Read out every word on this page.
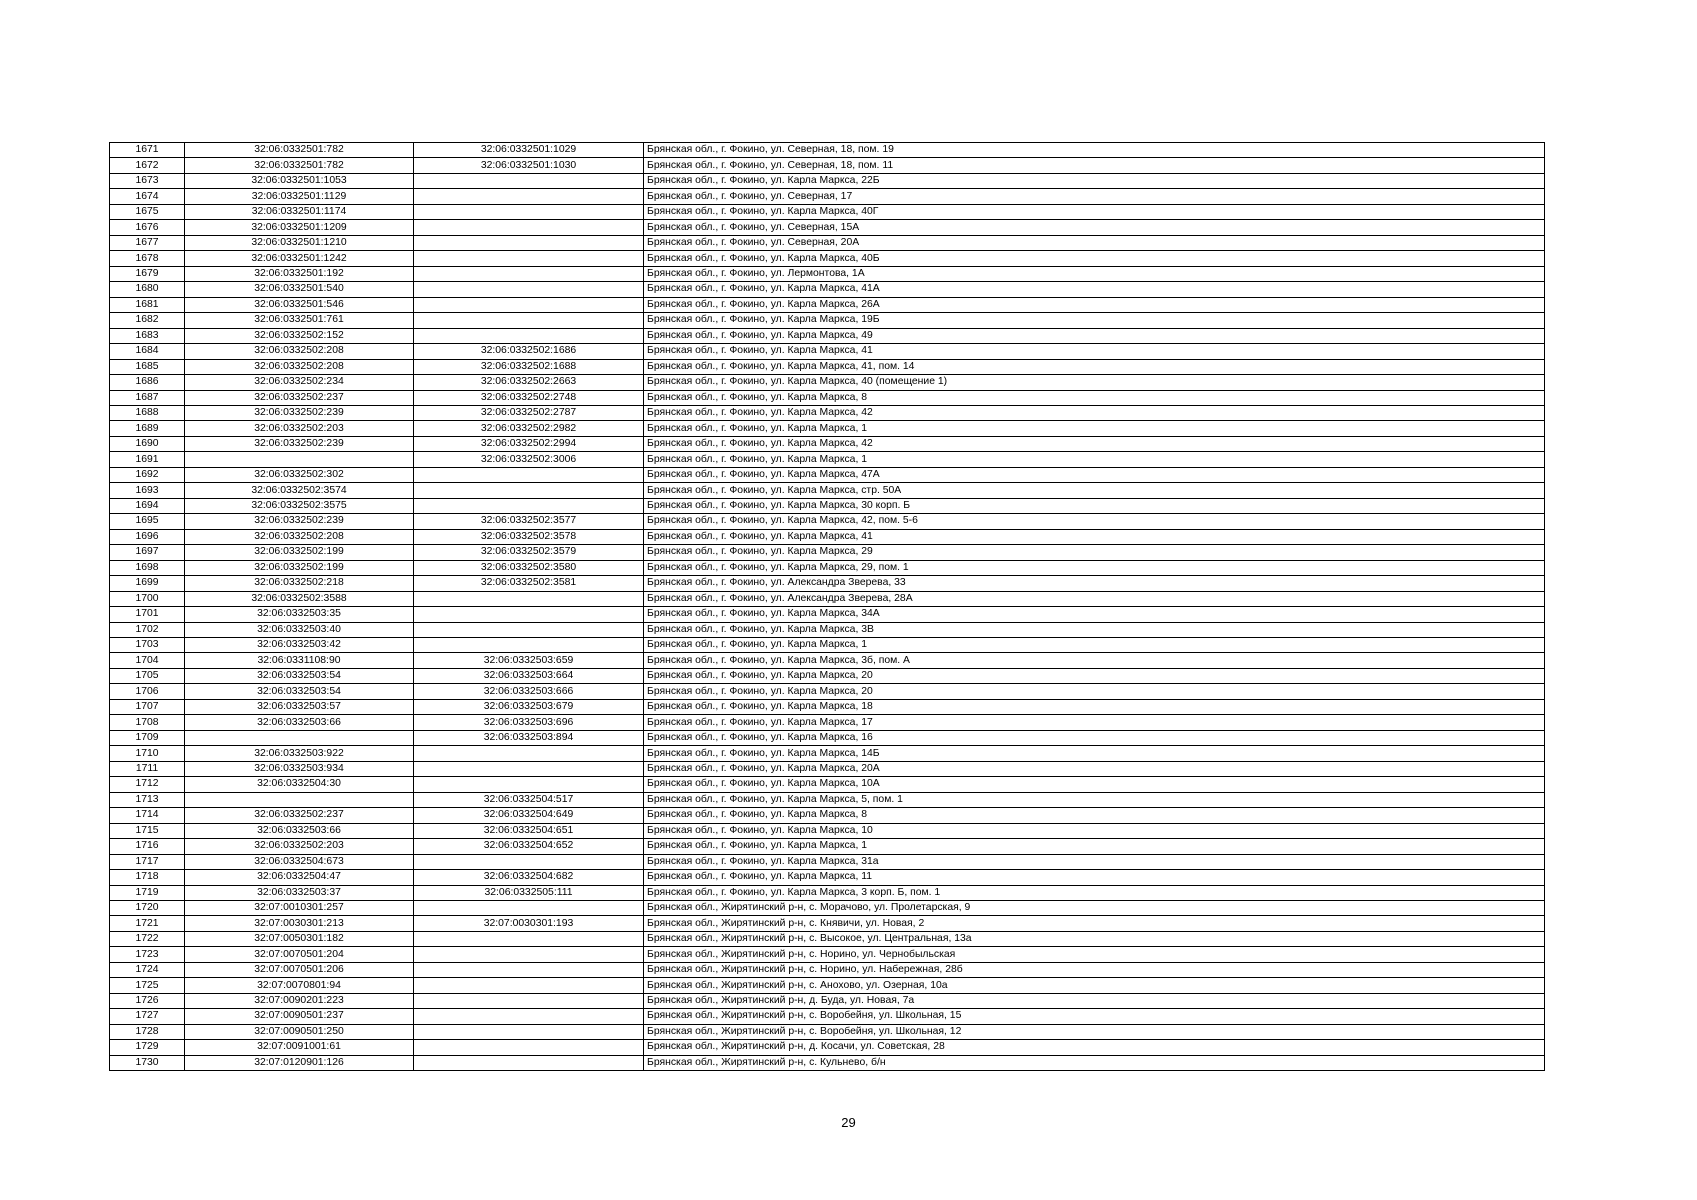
1671	32:06:0332501:782	32:06:0332501:1029	Брянская обл., г. Фокино, ул. Северная, 18, пом. 19
1672	32:06:0332501:782	32:06:0332501:1030	Брянская обл., г. Фокино, ул. Северная, 18, пом. 11
1673	32:06:0332501:1053		Брянская обл., г. Фокино, ул. Карла Маркса, 22Б
1674	32:06:0332501:1129		Брянская обл., г. Фокино, ул. Северная, 17
1675	32:06:0332501:1174		Брянская обл., г. Фокино, ул. Карла Маркса, 40Г
1676	32:06:0332501:1209		Брянская обл., г. Фокино, ул. Северная, 15А
1677	32:06:0332501:1210		Брянская обл., г. Фокино, ул. Северная, 20А
1678	32:06:0332501:1242		Брянская обл., г. Фокино, ул. Карла Маркса, 40Б
1679	32:06:0332501:192		Брянская обл., г. Фокино, ул. Лермонтова, 1А
1680	32:06:0332501:540		Брянская обл., г. Фокино, ул. Карла Маркса, 41А
1681	32:06:0332501:546		Брянская обл., г. Фокино, ул. Карла Маркса, 26А
1682	32:06:0332501:761		Брянская обл., г. Фокино, ул. Карла Маркса, 19Б
1683	32:06:0332502:152		Брянская обл., г. Фокино, ул. Карла Маркса, 49
1684	32:06:0332502:208	32:06:0332502:1686	Брянская обл., г. Фокино, ул. Карла Маркса, 41
1685	32:06:0332502:208	32:06:0332502:1688	Брянская обл., г. Фокино, ул. Карла Маркса, 41, пом. 14
1686	32:06:0332502:234	32:06:0332502:2663	Брянская обл., г. Фокино, ул. Карла Маркса, 40 (помещение 1)
1687	32:06:0332502:237	32:06:0332502:2748	Брянская обл., г. Фокино, ул. Карла Маркса, 8
1688	32:06:0332502:239	32:06:0332502:2787	Брянская обл., г. Фокино, ул. Карла Маркса, 42
1689	32:06:0332502:203	32:06:0332502:2982	Брянская обл., г. Фокино, ул. Карла Маркса, 1
1690	32:06:0332502:239	32:06:0332502:2994	Брянская обл., г. Фокино, ул. Карла Маркса, 42
1691		32:06:0332502:3006	Брянская обл., г. Фокино, ул. Карла Маркса, 1
1692	32:06:0332502:302		Брянская обл., г. Фокино, ул. Карла Маркса, 47А
1693	32:06:0332502:3574		Брянская обл., г. Фокино, ул. Карла Маркса, стр. 50А
1694	32:06:0332502:3575		Брянская обл., г. Фокино, ул. Карла Маркса, 30 корп. Б
1695	32:06:0332502:239	32:06:0332502:3577	Брянская обл., г. Фокино, ул. Карла Маркса, 42, пом. 5-6
1696	32:06:0332502:208	32:06:0332502:3578	Брянская обл., г. Фокино, ул. Карла Маркса, 41
1697	32:06:0332502:199	32:06:0332502:3579	Брянская обл., г. Фокино, ул. Карла Маркса, 29
1698	32:06:0332502:199	32:06:0332502:3580	Брянская обл., г. Фокино, ул. Карла Маркса, 29, пом. 1
1699	32:06:0332502:218	32:06:0332502:3581	Брянская обл., г. Фокино, ул. Александра Зверева, 33
1700	32:06:0332502:3588		Брянская обл., г. Фокино, ул. Александра Зверева, 28А
1701	32:06:0332503:35		Брянская обл., г. Фокино, ул. Карла Маркса, 34А
1702	32:06:0332503:40		Брянская обл., г. Фокино, ул. Карла Маркса, 3В
1703	32:06:0332503:42		Брянская обл., г. Фокино, ул. Карла Маркса, 1
1704	32:06:0331108:90	32:06:0332503:659	Брянская обл., г. Фокино, ул. Карла Маркса, 3б, пом. А
1705	32:06:0332503:54	32:06:0332503:664	Брянская обл., г. Фокино, ул. Карла Маркса, 20
1706	32:06:0332503:54	32:06:0332503:666	Брянская обл., г. Фокино, ул. Карла Маркса, 20
1707	32:06:0332503:57	32:06:0332503:679	Брянская обл., г. Фокино, ул. Карла Маркса, 18
1708	32:06:0332503:66	32:06:0332503:696	Брянская обл., г. Фокино, ул. Карла Маркса, 17
1709		32:06:0332503:894	Брянская обл., г. Фокино, ул. Карла Маркса, 16
1710	32:06:0332503:922		Брянская обл., г. Фокино, ул. Карла Маркса, 14Б
1711	32:06:0332503:934		Брянская обл., г. Фокино, ул. Карла Маркса, 20А
1712	32:06:0332504:30		Брянская обл., г. Фокино, ул. Карла Маркса, 10А
1713		32:06:0332504:517	Брянская обл., г. Фокино, ул. Карла Маркса, 5, пом. 1
1714	32:06:0332502:237	32:06:0332504:649	Брянская обл., г. Фокино, ул. Карла Маркса, 8
1715	32:06:0332503:66	32:06:0332504:651	Брянская обл., г. Фокино, ул. Карла Маркса, 10
1716	32:06:0332502:203	32:06:0332504:652	Брянская обл., г. Фокино, ул. Карла Маркса, 1
1717	32:06:0332504:673		Брянская обл., г. Фокино, ул. Карла Маркса, 31а
1718	32:06:0332504:47	32:06:0332504:682	Брянская обл., г. Фокино, ул. Карла Маркса, 11
1719	32:06:0332503:37	32:06:0332505:111	Брянская обл., г. Фокино, ул. Карла Маркса, 3 корп. Б, пом. 1
1720	32:07:0010301:257		Брянская обл., Жирятинский р-н, с. Морачово, ул. Пролетарская, 9
1721	32:07:0030301:213	32:07:0030301:193	Брянская обл., Жирятинский р-н, с. Княвичи, ул. Новая, 2
1722	32:07:0050301:182		Брянская обл., Жирятинский р-н, с. Высокое, ул. Центральная, 13а
1723	32:07:0070501:204		Брянская обл., Жирятинский р-н, с. Норино, ул. Чернобыльская
1724	32:07:0070501:206		Брянская обл., Жирятинский р-н, с. Норино, ул. Набережная, 28б
1725	32:07:0070801:94		Брянская обл., Жирятинский р-н, с. Анохово, ул. Озерная, 10а
1726	32:07:0090201:223		Брянская обл., Жирятинский р-н, д. Буда, ул. Новая, 7а
1727	32:07:0090501:237		Брянская обл., Жирятинский р-н, с. Воробейня, ул. Школьная, 15
1728	32:07:0090501:250		Брянская обл., Жирятинский р-н, с. Воробейня, ул. Школьная, 12
1729	32:07:0091001:61		Брянская обл., Жирятинский р-н, д. Косачи, ул. Советская, 28
1730	32:07:0120901:126		Брянская обл., Жирятинский р-н, с. Кульнево, б/н
29
